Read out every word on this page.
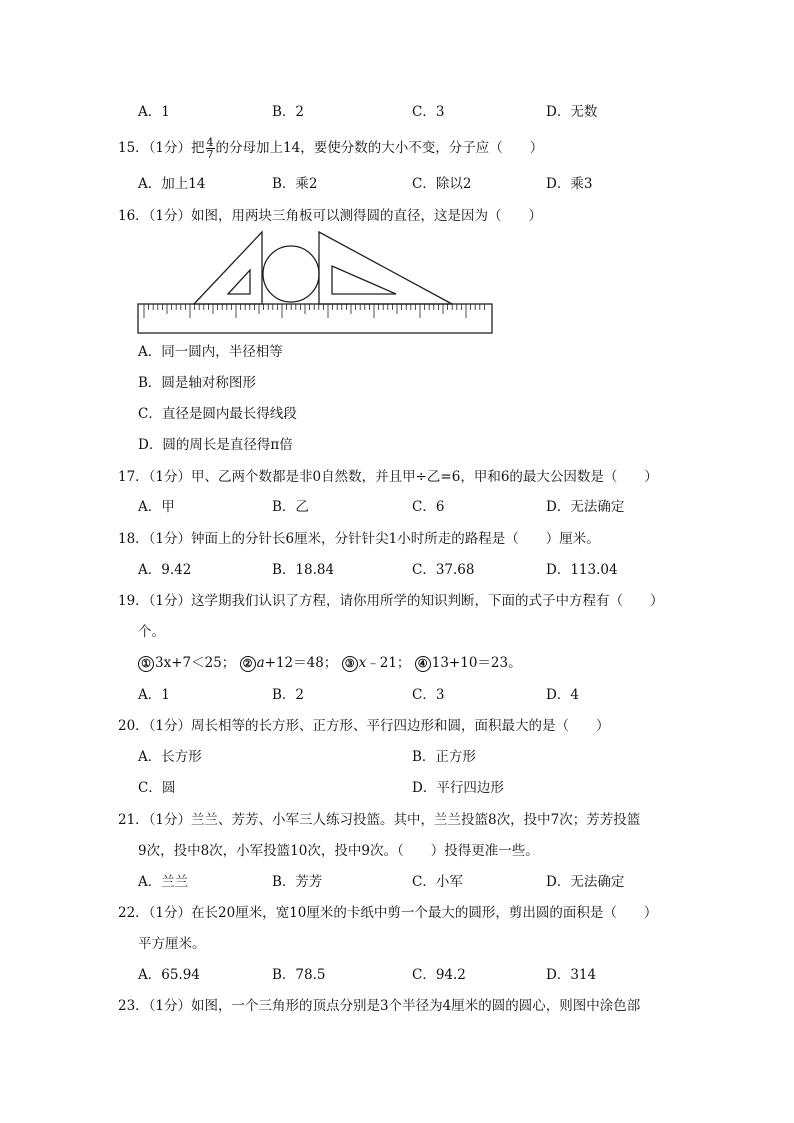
A．1	B．2	C．3	D．无数
15．（1分）把 $\frac{4}{7}$ 的分母加上14，要使分数的大小不变，分子应（　　）
A．加上14	B．乘2	C．除以2	D．乘3
16．（1分）如图，用两块三角板可以测得圆的直径，这是因为（　　）
A．同一圆内，半径相等
B．圆是轴对称图形
C．直径是圆内最长得线段
D．圆的周长是直径得π倍
17．（1分）甲、乙两个数都是非0自然数，并且甲÷乙=6，甲和6的最大公因数是（　　）
A．甲	B．乙	C．6	D．无法确定
18．（1分）钟面上的分针长6厘米，分针针尖1小时所走的路程是（　　）厘米。
A．9.42	B．18.84	C．37.68	D．113.04
19．（1分）这学期我们认识了方程，请你用所学的知识判断，下面的式子中方程有（　　）
个。
① 3x+7＜25； ② a+12＝48； ③ x﹣21； ④ 13+10＝23。
A．1	B．2	C．3	D．4
20．（1分）周长相等的长方形、正方形、平行四边形和圆，面积最大的是（　　）
A．长方形	B．正方形
C．圆	D．平行四边形
21．（1分）兰兰、芳芳、小军三人练习投篮。其中，兰兰投篮8次，投中7次；芳芳投篮
9次，投中8次，小军投篮10次，投中9次。（　　）投得更准一些。
A．兰兰	B．芳芳	C．小军	D．无法确定
22．（1分）在长20厘米，宽10厘米的卡纸中剪一个最大的圆形，剪出圆的面积是（　　）
平方厘米。
A．65.94	B．78.5	C．94.2	D．314
23．（1分）如图，一个三角形的顶点分别是3个半径为4厘米的圆的圆心，则图中涂色部
